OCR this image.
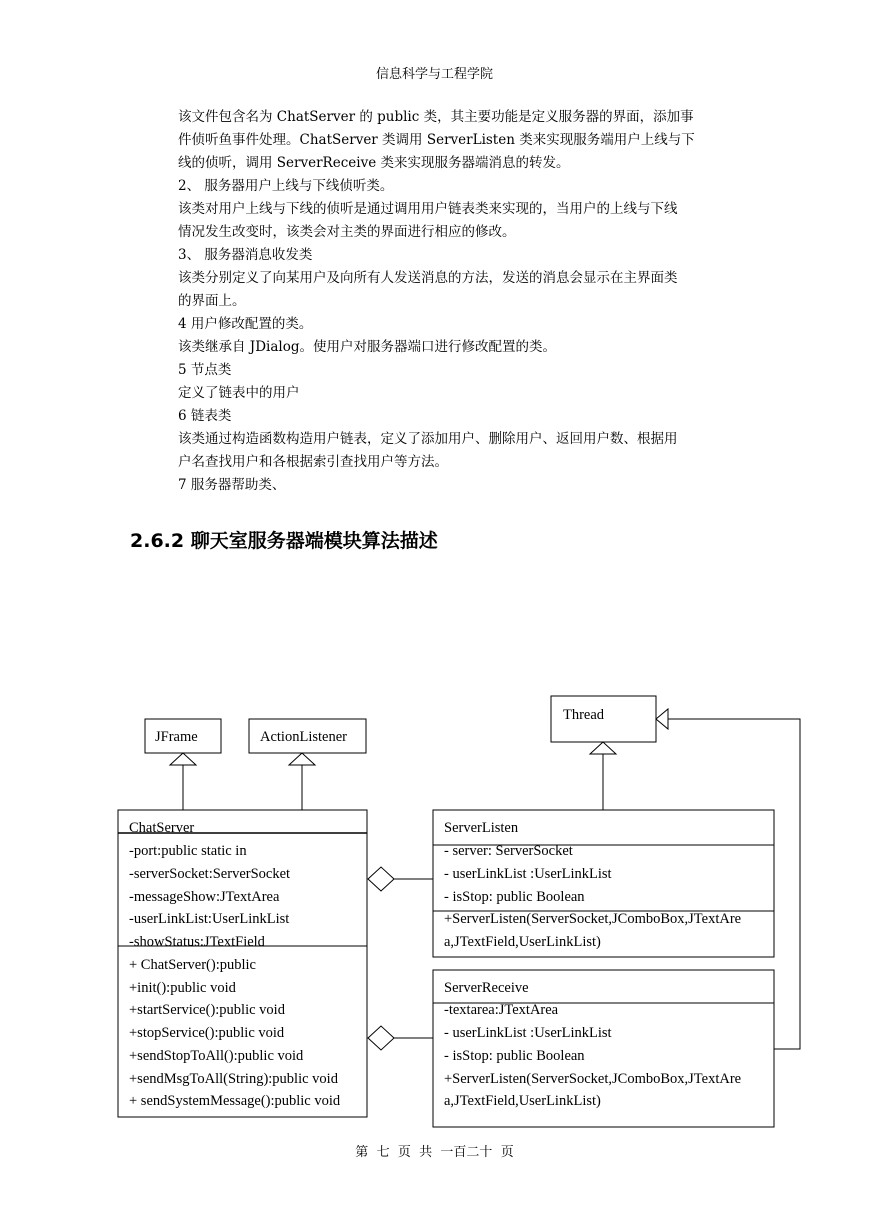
信息科学与工程学院

该文件包含名为 ChatServer 的 public 类，其主要功能是定义服务器的界面，添加事

件侦听鱼事件处理。ChatServer 类调用 ServerListen 类来实现服务端用户上线与下

线的侦听，调用 ServerReceive 类来实现服务器端消息的转发。

2、 服务器用户上线与下线侦听类。

该类对用户上线与下线的侦听是通过调用用户链表类来实现的，当用户的上线与下线

情况发生改变时，该类会对主类的界面进行相应的修改。

3、 服务器消息收发类

该类分别定义了向某用户及向所有人发送消息的方法，发送的消息会显示在主界面类

的界面上。

4 用户修改配置的类。

该类继承自 JDialog。使用户对服务器端口进行修改配置的类。

5 节点类

定义了链表中的用户

6 链表类

该类通过构造函数构造用户链表，定义了添加用户、删除用户、返回用户数、根据用

户名查找用户和各根据索引查找用户等方法。

7 服务器帮助类、

2.6.2 聊天室服务器端模块算法描述
JFrame	ActionListener
Thread
ChatServer
-port:public static in
-serverSocket:ServerSocket
-messageShow:JTextArea
-userLinkList:UserLinkList
-showStatus:JTextField
+ ChatServer():public
+init():public void
+startService():public void
+stopService():public void
+sendStopToAll():public void
+sendMsgToAll(String):public void
+ sendSystemMessage():public void
ServerListen
- server: ServerSocket
- userLinkList :UserLinkList
- isStop: public Boolean
+ServerListen(ServerSocket,JComboBox,JTextAre
a,JTextField,UserLinkList)
ServerReceive
-textarea:JTextArea
- userLinkList :UserLinkList
- isStop: public Boolean
+ServerListen(ServerSocket,JComboBox,JTextAre
a,JTextField,UserLinkList)
第 七 页 共 一百二十 页
